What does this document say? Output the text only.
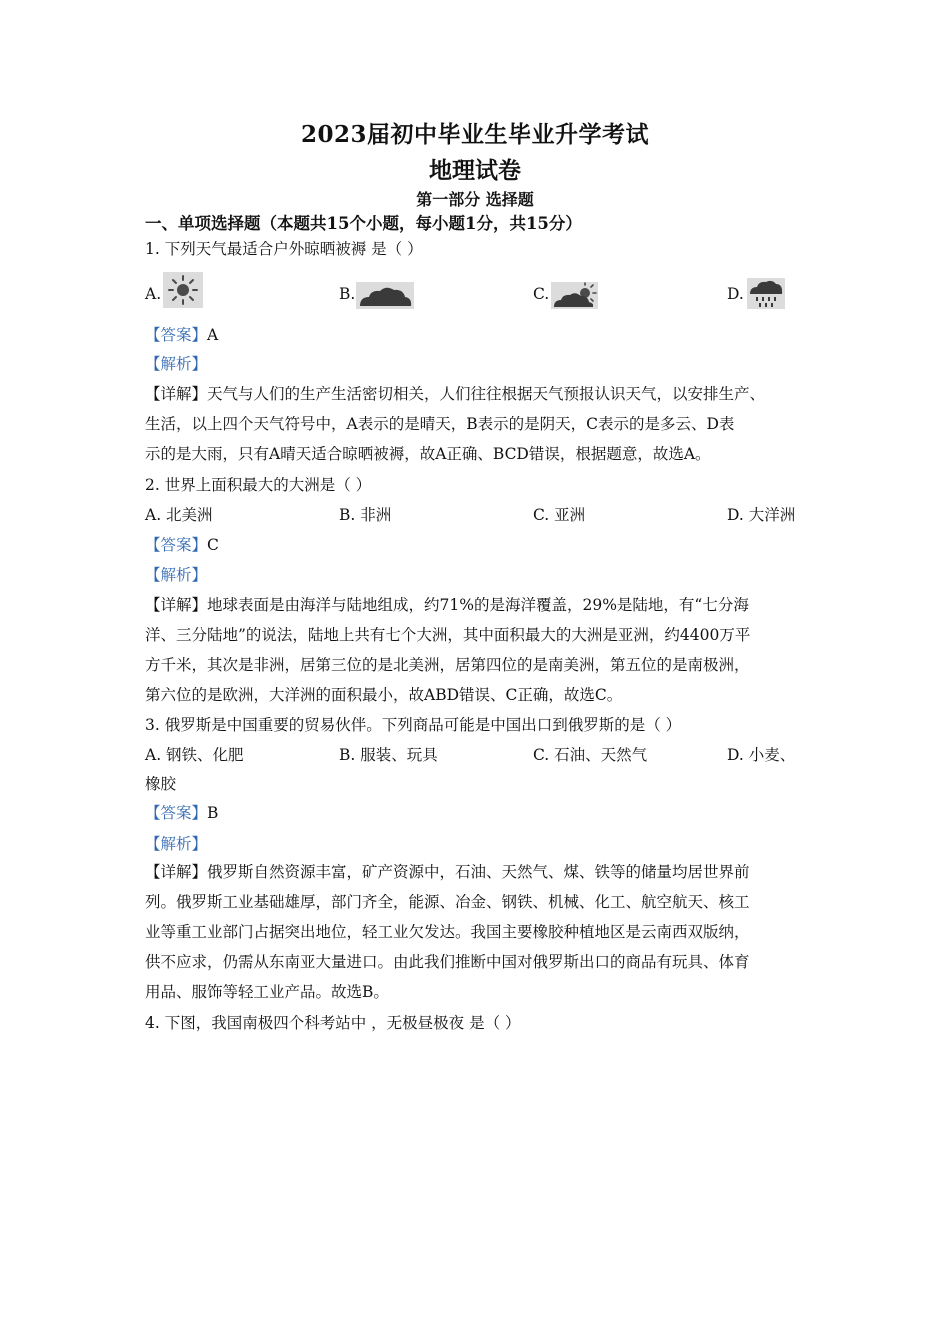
2023届初中毕业生毕业升学考试
地理试卷
第一部分 选择题
一、单项选择题（本题共15个小题，每小题1分，共15分）
1. 下列天气最适合户外晾晒被褥 是（ ）
A.	B.	C.	D.
【答案】A
【解析】
【详解】天气与人们的生产生活密切相关，人们往往根据天气预报认识天气，以安排生产、
生活，以上四个天气符号中，A表示的是晴天，B表示的是阴天，C表示的是多云、D表
示的是大雨，只有A晴天适合晾晒被褥，故A正确、BCD错误，根据题意，故选A。
2. 世界上面积最大的大洲是（ ）
A. 北美洲	B. 非洲	C. 亚洲	D. 大洋洲
【答案】C
【解析】
【详解】地球表面是由海洋与陆地组成，约71%的是海洋覆盖，29%是陆地，有“七分海
洋、三分陆地”的说法，陆地上共有七个大洲，其中面积最大的大洲是亚洲，约4400万平
方千米，其次是非洲，居第三位的是北美洲，居第四位的是南美洲，第五位的是南极洲，
第六位的是欧洲，大洋洲的面积最小，故ABD错误、C正确，故选C。
3. 俄罗斯是中国重要的贸易伙伴。下列商品可能是中国出口到俄罗斯的是（ ）
A. 钢铁、化肥	B. 服装、玩具	C. 石油、天然气	D. 小麦、
橡胶
【答案】B
【解析】
【详解】俄罗斯自然资源丰富，矿产资源中，石油、天然气、煤、铁等的储量均居世界前
列。俄罗斯工业基础雄厚，部门齐全，能源、冶金、钢铁、机械、化工、航空航天、核工
业等重工业部门占据突出地位，轻工业欠发达。我国主要橡胶种植地区是云南西双版纳，
供不应求，仍需从东南亚大量进口。由此我们推断中国对俄罗斯出口的商品有玩具、体育
用品、服饰等轻工业产品。故选B。
4. 下图，我国南极四个科考站中 ，无极昼极夜 是（ ）
